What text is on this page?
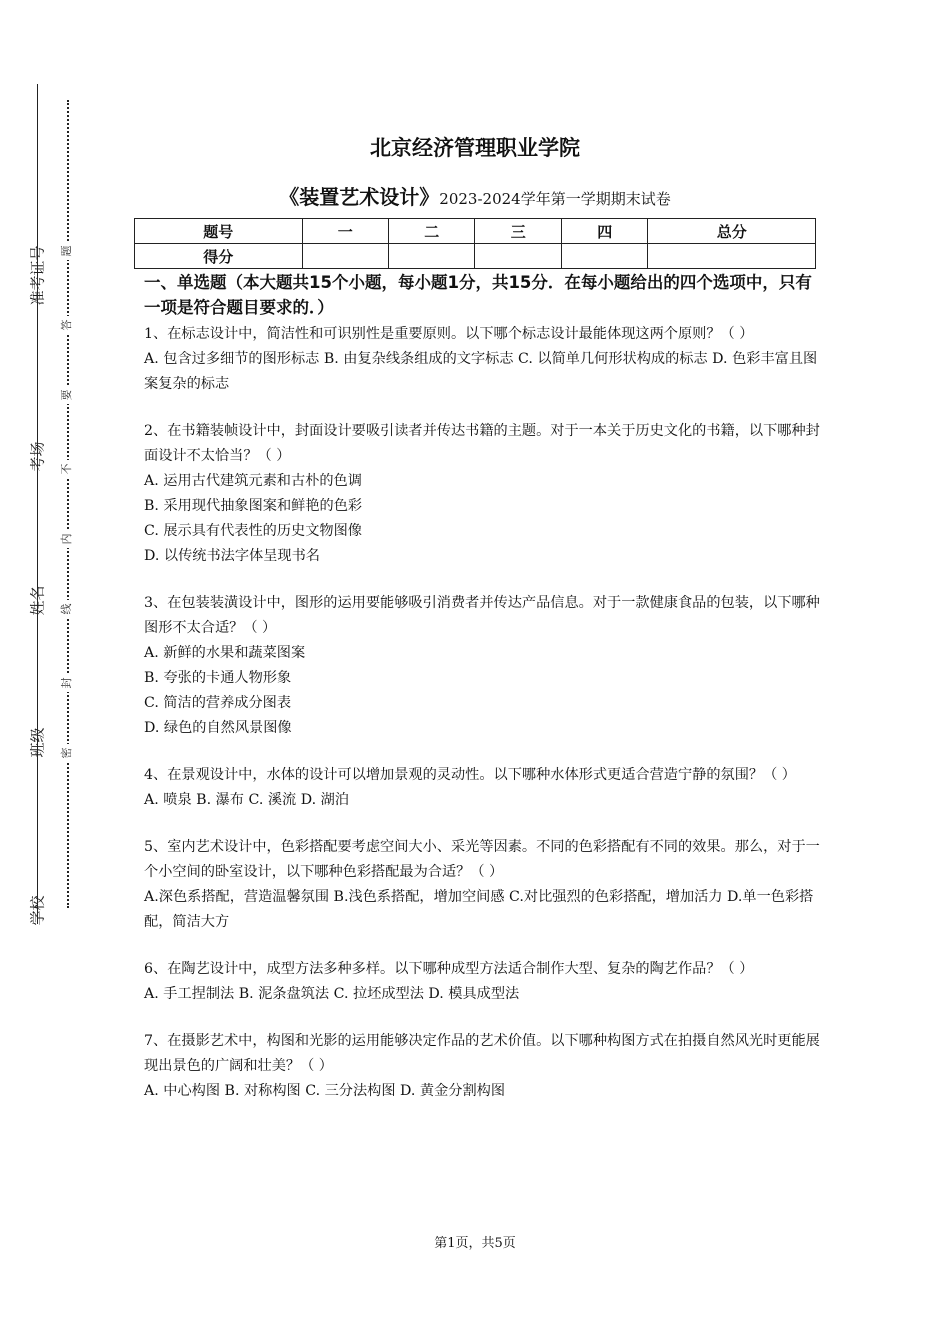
准考证号
考场
姓名
班级
学校
题
答
要
不
内
线
封
密
北京经济管理职业学院
《装置艺术设计》2023-2024学年第一学期期末试卷
题号	一	二	三	四	总分
得分					
一、单选题（本大题共15个小题，每小题1分，共15分．在每小题给出的四个选项中，只有一项是符合题目要求的．）
1、在标志设计中，简洁性和可识别性是重要原则。以下哪个标志设计最能体现这两个原则？（ ）
A. 包含过多细节的图形标志 B. 由复杂线条组成的文字标志 C. 以简单几何形状构成的标志 D. 色彩丰富且图案复杂的标志
2、在书籍装帧设计中，封面设计要吸引读者并传达书籍的主题。对于一本关于历史文化的书籍，以下哪种封面设计不太恰当？（ ）
A. 运用古代建筑元素和古朴的色调
B. 采用现代抽象图案和鲜艳的色彩
C. 展示具有代表性的历史文物图像
D. 以传统书法字体呈现书名
3、在包装装潢设计中，图形的运用要能够吸引消费者并传达产品信息。对于一款健康食品的包装，以下哪种图形不太合适？（ ）
A. 新鲜的水果和蔬菜图案
B. 夸张的卡通人物形象
C. 简洁的营养成分图表
D. 绿色的自然风景图像
4、在景观设计中，水体的设计可以增加景观的灵动性。以下哪种水体形式更适合营造宁静的氛围？（ ）
A. 喷泉 B. 瀑布 C. 溪流 D. 湖泊
5、室内艺术设计中，色彩搭配要考虑空间大小、采光等因素。不同的色彩搭配有不同的效果。那么，对于一个小空间的卧室设计，以下哪种色彩搭配最为合适？（ ）
A.深色系搭配，营造温馨氛围 B.浅色系搭配，增加空间感 C.对比强烈的色彩搭配，增加活力 D.单一色彩搭配，简洁大方
6、在陶艺设计中，成型方法多种多样。以下哪种成型方法适合制作大型、复杂的陶艺作品？（ ）
A. 手工捏制法 B. 泥条盘筑法 C. 拉坯成型法 D. 模具成型法
7、在摄影艺术中，构图和光影的运用能够决定作品的艺术价值。以下哪种构图方式在拍摄自然风光时更能展现出景色的广阔和壮美？（ ）
A. 中心构图 B. 对称构图 C. 三分法构图 D. 黄金分割构图
第1页，共5页
